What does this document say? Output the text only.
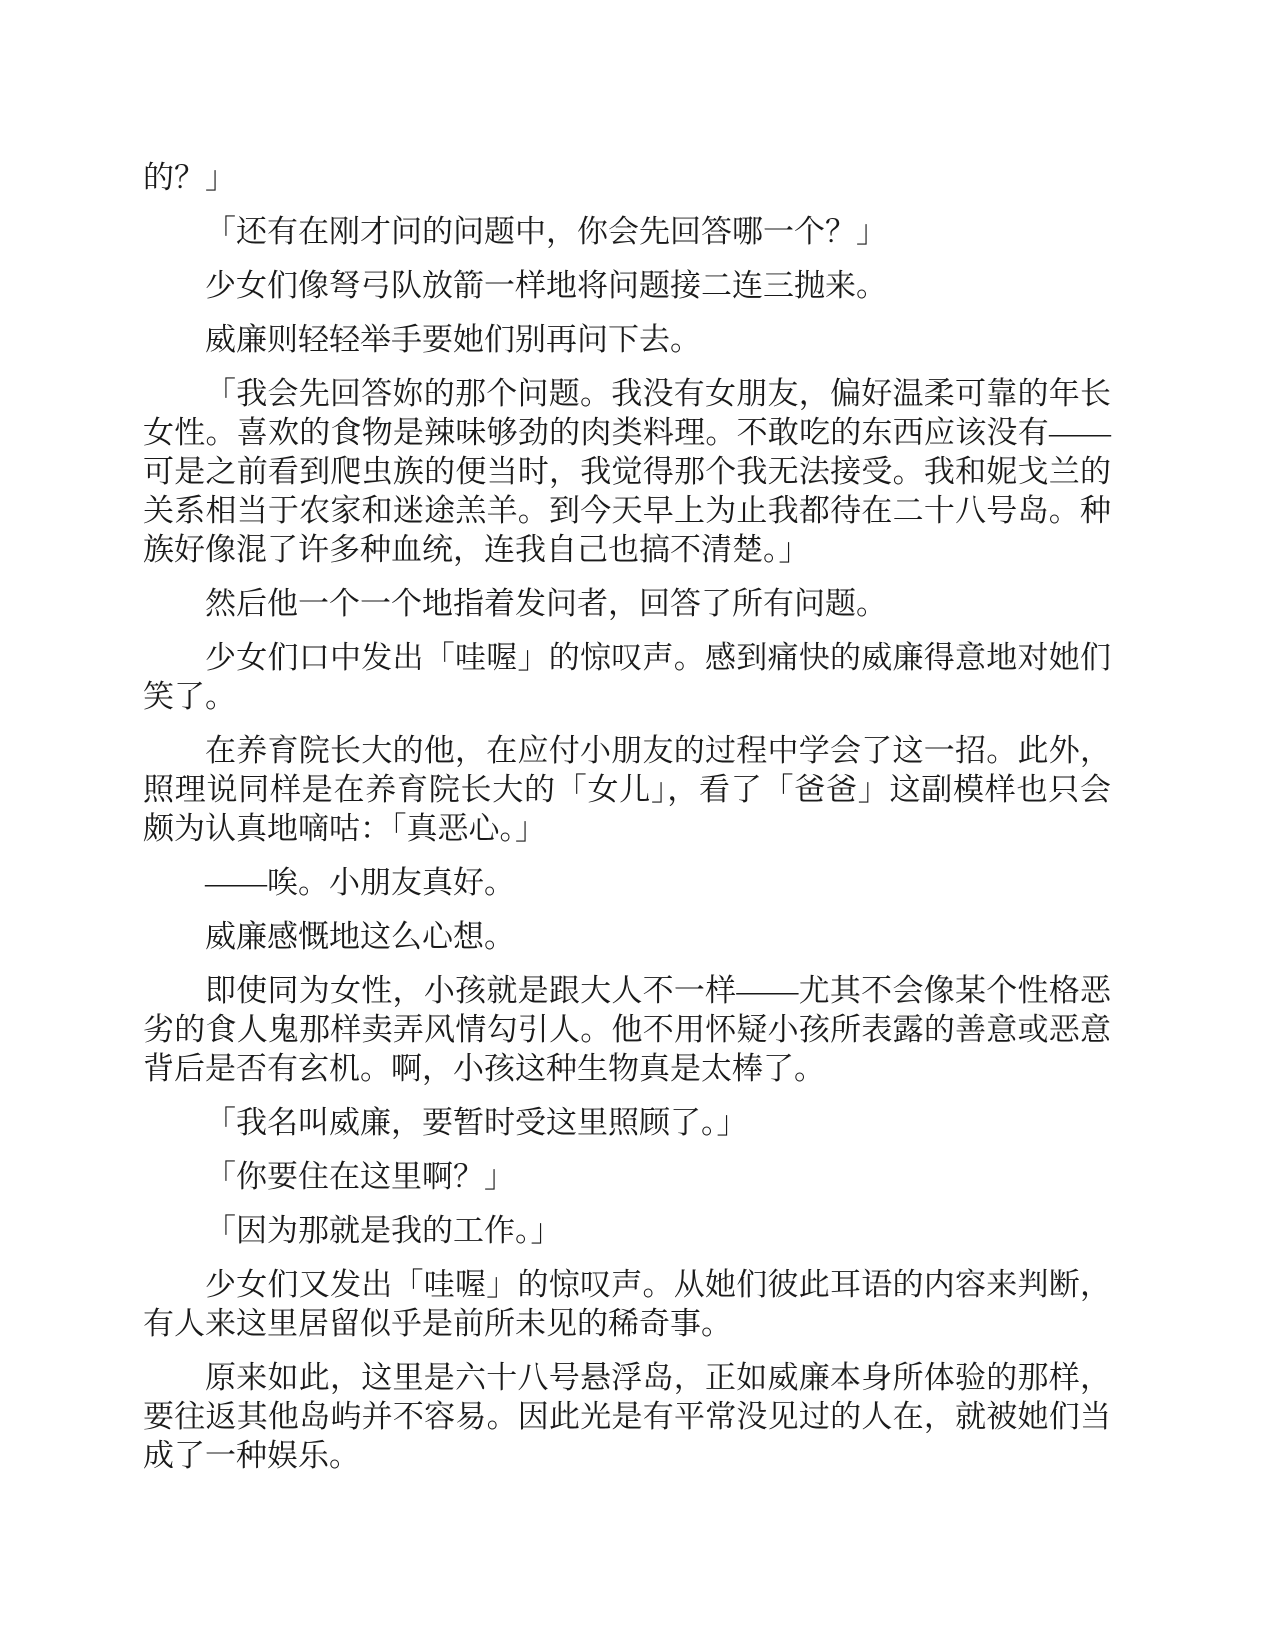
的？」

「还有在刚才问的问题中，你会先回答哪一个？」

少女们像弩弓队放箭一样地将问题接二连三抛来。

威廉则轻轻举手要她们别再问下去。

「我会先回答妳的那个问题。我没有女朋友，偏好温柔可靠的年长女性。喜欢的食物是辣味够劲的肉类料理。不敢吃的东西应该没有——可是之前看到爬虫族的便当时，我觉得那个我无法接受。我和妮戈兰的关系相当于农家和迷途羔羊。到今天早上为止我都待在二十八号岛。种族好像混了许多种血统，连我自己也搞不清楚。」

然后他一个一个地指着发问者，回答了所有问题。

少女们口中发出「哇喔」的惊叹声。感到痛快的威廉得意地对她们笑了。

在养育院长大的他，在应付小朋友的过程中学会了这一招。此外，照理说同样是在养育院长大的「女儿」，看了「爸爸」这副模样也只会颇为认真地嘀咕：「真恶心。」

——唉。小朋友真好。

威廉感慨地这么心想。

即使同为女性，小孩就是跟大人不一样——尤其不会像某个性格恶劣的食人鬼那样卖弄风情勾引人。他不用怀疑小孩所表露的善意或恶意背后是否有玄机。啊，小孩这种生物真是太棒了。

「我名叫威廉，要暂时受这里照顾了。」

「你要住在这里啊？」

「因为那就是我的工作。」

少女们又发出「哇喔」的惊叹声。从她们彼此耳语的内容来判断，有人来这里居留似乎是前所未见的稀奇事。

原来如此，这里是六十八号悬浮岛，正如威廉本身所体验的那样，要往返其他岛屿并不容易。因此光是有平常没见过的人在，就被她们当成了一种娱乐。
